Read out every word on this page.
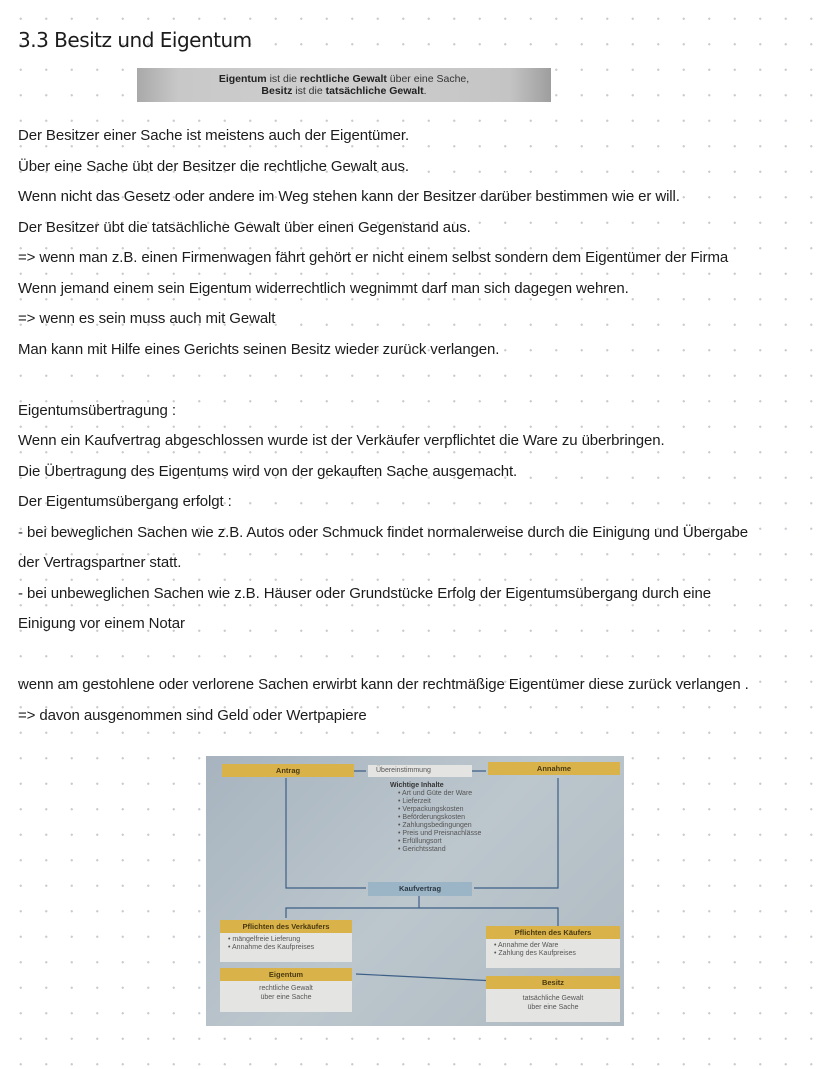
3.3 Besitz und Eigentum
Eigentum ist die rechtliche Gewalt über eine Sache,
Besitz ist die tatsächliche Gewalt.
Der Besitzer einer Sache ist meistens auch der Eigentümer.
Über eine Sache übt der Besitzer die rechtliche Gewalt aus.
Wenn nicht das Gesetz oder andere im Weg stehen kann der Besitzer darüber bestimmen wie er will.
Der Besitzer übt die tatsächliche Gewalt über einen Gegenstand aus.
=> wenn man z.B. einen Firmenwagen fährt gehört er nicht einem selbst sondern dem Eigentümer der Firma
Wenn jemand einem sein Eigentum widerrechtlich wegnimmt darf man sich dagegen wehren.
=> wenn es sein muss auch mit Gewalt
Man kann mit Hilfe eines Gerichts seinen Besitz wieder zurück verlangen.
Eigentumsübertragung :
Wenn ein Kaufvertrag abgeschlossen wurde ist der Verkäufer verpflichtet die Ware zu überbringen.
Die Übertragung des Eigentums wird von der gekauften Sache ausgemacht.
Der Eigentumsübergang erfolgt :
- bei beweglichen Sachen wie z.B. Autos oder Schmuck findet normalerweise durch die Einigung und Übergabe
der Vertragspartner statt.
- bei unbeweglichen Sachen wie z.B. Häuser oder Grundstücke Erfolg der Eigentumsübergang durch eine
Einigung vor einem Notar
wenn am gestohlene oder verlorene Sachen erwirbt kann der rechtmäßige Eigentümer diese zurück verlangen .
=> davon ausgenommen sind Geld oder Wertpapiere
Antrag	Annahme
Übereinstimmung
Wichtige Inhalte
• Art und Güte der Ware
• Lieferzeit
• Verpackungskosten
• Beförderungskosten
• Zahlungsbedingungen
• Preis und Preisnachlässe
• Erfüllungsort
• Gerichtsstand
Kaufvertrag
Pflichten des Verkäufers
• mängelfreie Lieferung
• Annahme des Kaufpreises
Pflichten des Käufers
• Annahme der Ware
• Zahlung des Kaufpreises
Eigentum
rechtliche Gewalt
über eine Sache
Besitz
tatsächliche Gewalt
über eine Sache
